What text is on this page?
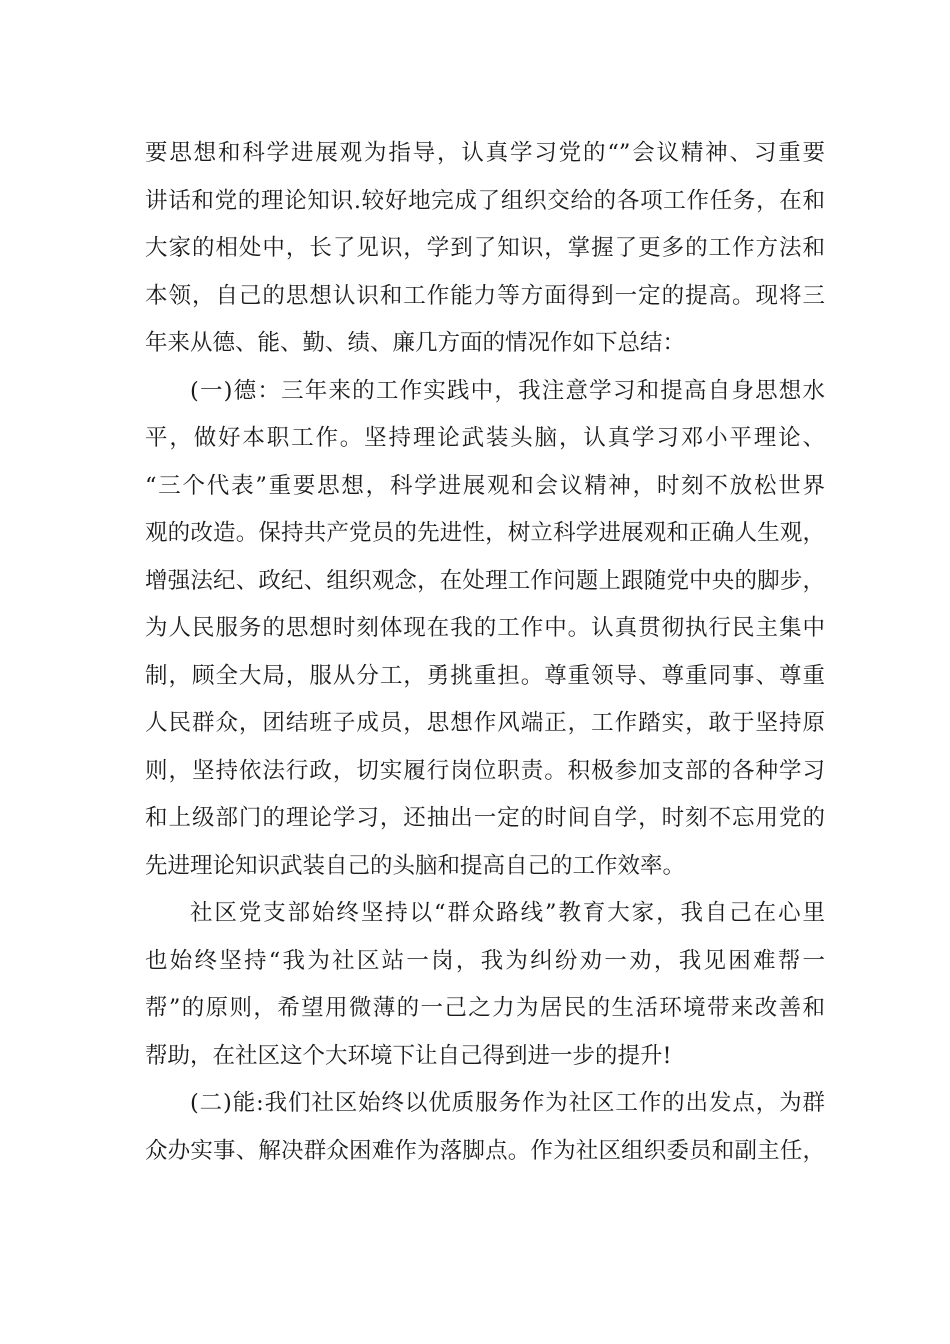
要思想和科学进展观为指导，认真学习党的“”会议精神、习重要
讲话和党的理论知识.较好地完成了组织交给的各项工作任务，在和
大家的相处中，长了见识，学到了知识，掌握了更多的工作方法和
本领，自己的思想认识和工作能力等方面得到一定的提高。现将三
年来从德、能、勤、绩、廉几方面的情况作如下总结：
(一)德：三年来的工作实践中，我注意学习和提高自身思想水
平，做好本职工作。坚持理论武装头脑，认真学习邓小平理论、
“三个代表”重要思想，科学进展观和会议精神，时刻不放松世界
观的改造。保持共产党员的先进性，树立科学进展观和正确人生观，
增强法纪、政纪、组织观念，在处理工作问题上跟随党中央的脚步，
为人民服务的思想时刻体现在我的工作中。认真贯彻执行民主集中
制，顾全大局，服从分工，勇挑重担。尊重领导、尊重同事、尊重
人民群众，团结班子成员，思想作风端正，工作踏实，敢于坚持原
则，坚持依法行政，切实履行岗位职责。积极参加支部的各种学习
和上级部门的理论学习，还抽出一定的时间自学，时刻不忘用党的
先进理论知识武装自己的头脑和提高自己的工作效率。
社区党支部始终坚持以“群众路线”教育大家，我自己在心里
也始终坚持“我为社区站一岗，我为纠纷劝一劝，我见困难帮一
帮”的原则，希望用微薄的一己之力为居民的生活环境带来改善和
帮助，在社区这个大环境下让自己得到进一步的提升!
(二)能:我们社区始终以优质服务作为社区工作的出发点，为群
众办实事、解决群众困难作为落脚点。作为社区组织委员和副主任，
